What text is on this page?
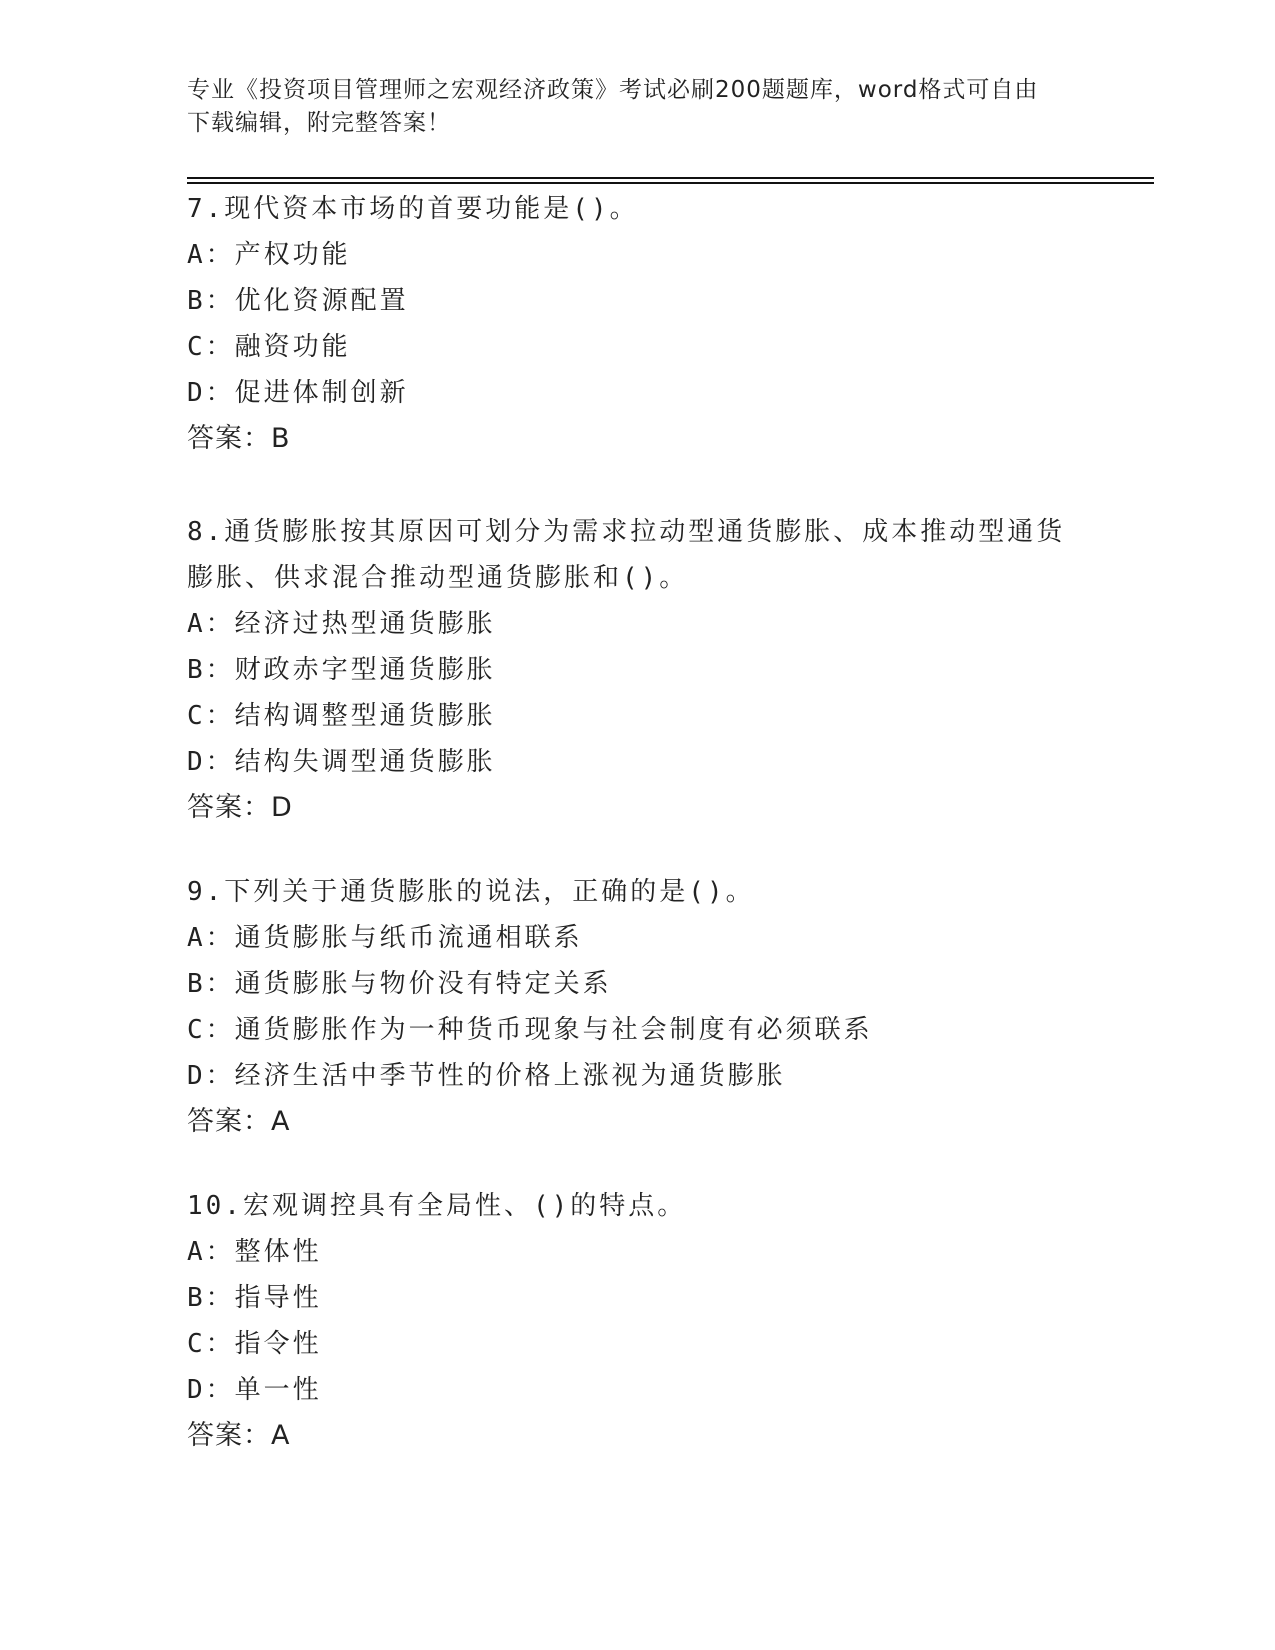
专业《投资项目管理师之宏观经济政策》考试必刷200题题库，word格式可自由
下载编辑，附完整答案！
7.现代资本市场的首要功能是()。
A：产权功能
B：优化资源配置
C：融资功能
D：促进体制创新
答案：B
8.通货膨胀按其原因可划分为需求拉动型通货膨胀、成本推动型通货
膨胀、供求混合推动型通货膨胀和()。
A：经济过热型通货膨胀
B：财政赤字型通货膨胀
C：结构调整型通货膨胀
D：结构失调型通货膨胀
答案：D
9.下列关于通货膨胀的说法，正确的是()。
A：通货膨胀与纸币流通相联系
B：通货膨胀与物价没有特定关系
C：通货膨胀作为一种货币现象与社会制度有必须联系
D：经济生活中季节性的价格上涨视为通货膨胀
答案：A
10.宏观调控具有全局性、()的特点。
A：整体性
B：指导性
C：指令性
D：单一性
答案：A
